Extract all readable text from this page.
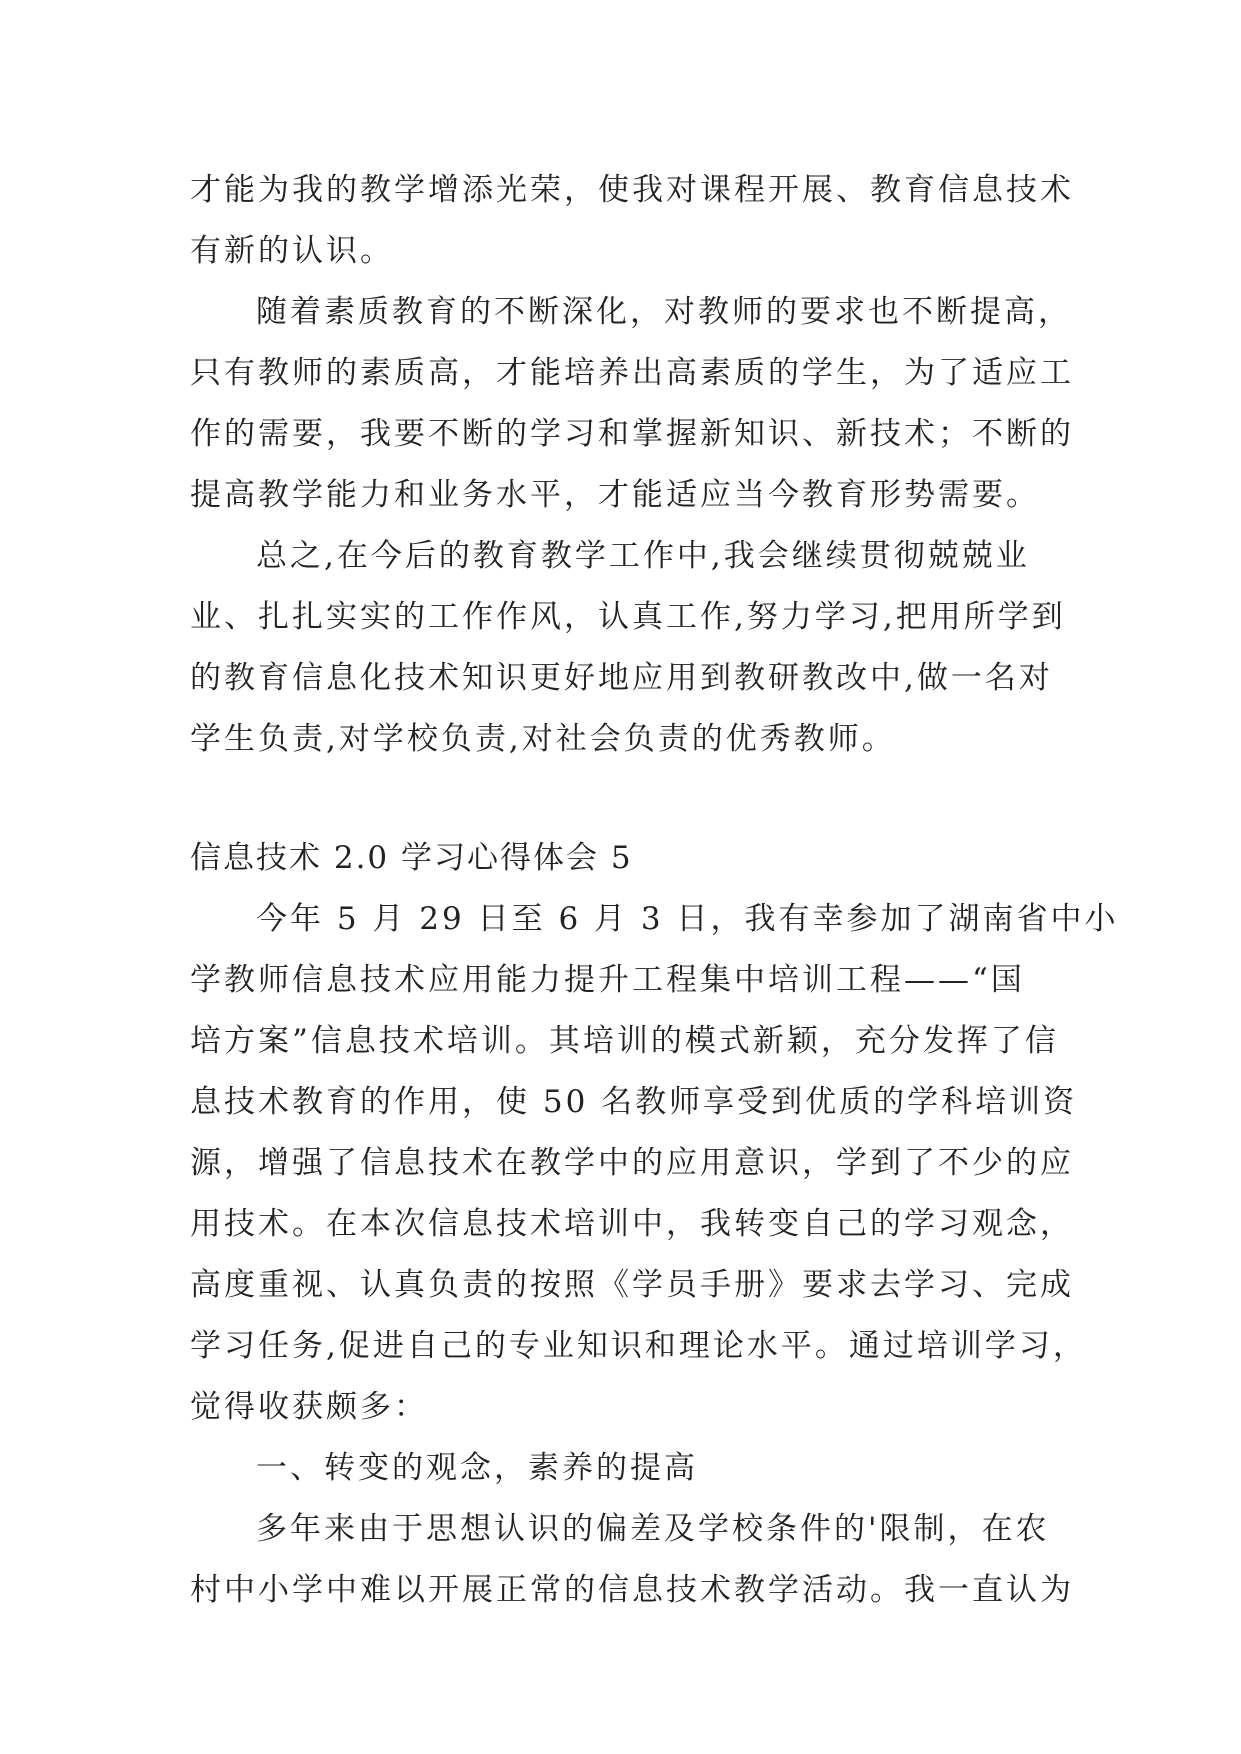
才能为我的教学增添光荣，使我对课程开展、教育信息技术
有新的认识。
随着素质教育的不断深化，对教师的要求也不断提高，
只有教师的素质高，才能培养出高素质的学生，为了适应工
作的需要，我要不断的学习和掌握新知识、新技术；不断的
提高教学能力和业务水平，才能适应当今教育形势需要。
总之,在今后的教育教学工作中,我会继续贯彻兢兢业
业、扎扎实实的工作作风，认真工作,努力学习,把用所学到
的教育信息化技术知识更好地应用到教研教改中,做一名对
学生负责,对学校负责,对社会负责的优秀教师。
信息技术 2.0 学习心得体会 5
今年 5 月 29 日至 6 月 3 日，我有幸参加了湖南省中小
学教师信息技术应用能力提升工程集中培训工程——“国
培方案”信息技术培训。其培训的模式新颖，充分发挥了信
息技术教育的作用，使 50 名教师享受到优质的学科培训资
源，增强了信息技术在教学中的应用意识，学到了不少的应
用技术。在本次信息技术培训中，我转变自己的学习观念，
高度重视、认真负责的按照《学员手册》要求去学习、完成
学习任务,促进自己的专业知识和理论水平。通过培训学习，
觉得收获颇多：
一、转变的观念，素养的提高
多年来由于思想认识的偏差及学校条件的'限制，在农
村中小学中难以开展正常的信息技术教学活动。我一直认为
